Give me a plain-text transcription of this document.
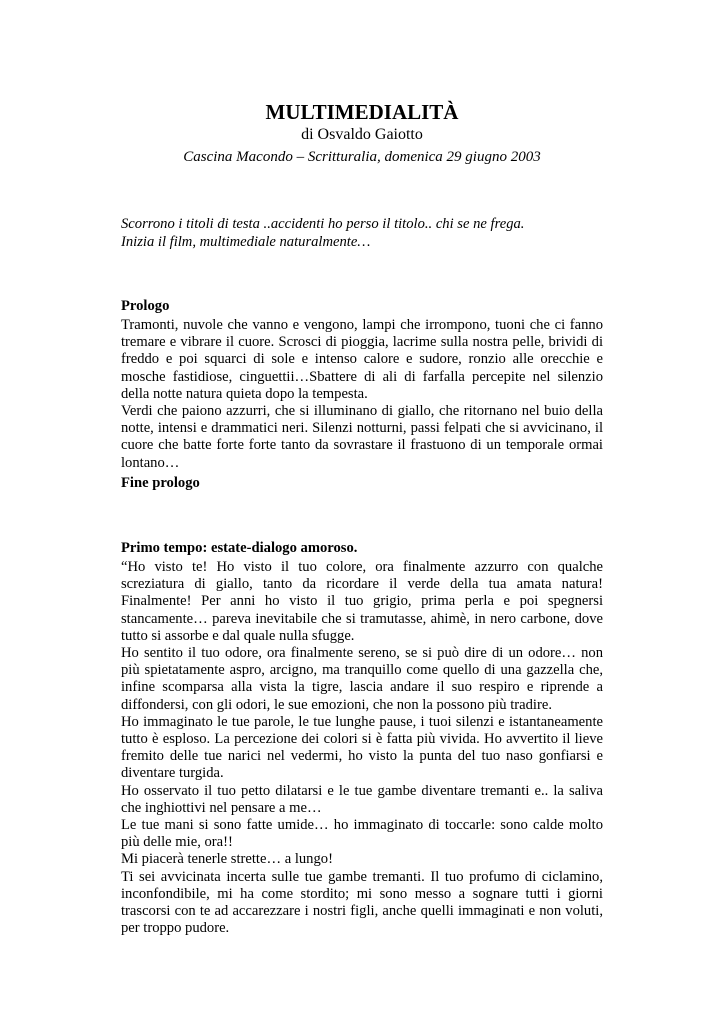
MULTIMEDIALITÀ
di Osvaldo Gaiotto
Cascina Macondo – Scritturalia, domenica 29 giugno 2003
Scorrono i titoli di testa ..accidenti ho perso il titolo.. chi se ne frega.
Inizia il film, multimediale naturalmente…

Prologo

Tramonti, nuvole che vanno e vengono, lampi che irrompono, tuoni che ci fanno tremare e vibrare il cuore. Scrosci di pioggia, lacrime sulla nostra pelle, brividi di freddo e poi squarci di sole e intenso calore e sudore, ronzio alle orecchie e mosche fastidiose, cinguettii…Sbattere di ali di farfalla percepite nel silenzio della notte natura quieta dopo la tempesta.

Verdi che paiono azzurri, che si illuminano di giallo, che ritornano nel buio della notte, intensi e drammatici neri. Silenzi notturni, passi felpati che si avvicinano, il cuore che batte forte forte tanto da sovrastare il frastuono di un temporale ormai lontano…

Fine prologo

Primo tempo: estate-dialogo amoroso.

“Ho visto te! Ho visto il tuo colore, ora finalmente azzurro con qualche screziatura di giallo, tanto da ricordare il verde della tua amata natura! Finalmente! Per anni ho visto il tuo grigio, prima perla e poi spegnersi stancamente… pareva inevitabile che si tramutasse, ahimè, in nero carbone, dove tutto si assorbe e dal quale nulla sfugge.

Ho sentito il tuo odore, ora finalmente sereno, se si può dire di un odore… non più spietatamente aspro, arcigno, ma tranquillo come quello di una gazzella che, infine scomparsa alla vista la tigre, lascia andare il suo respiro e riprende a diffondersi, con gli odori, le sue emozioni, che non la possono più tradire.

Ho immaginato le tue parole, le tue lunghe pause, i tuoi silenzi e istantaneamente tutto è esploso. La percezione dei colori si è fatta più vivida. Ho avvertito il lieve fremito delle tue narici nel vedermi, ho visto la punta del tuo naso gonfiarsi e diventare turgida.

Ho osservato il tuo petto dilatarsi e le tue gambe diventare tremanti e.. la saliva che inghiottivi nel pensare a me…

Le tue mani si sono fatte umide… ho immaginato di toccarle: sono calde molto più delle mie, ora!!

Mi piacerà tenerle strette… a lungo!

Ti sei avvicinata incerta sulle tue gambe tremanti. Il tuo profumo di ciclamino, inconfondibile, mi ha come stordito; mi sono messo a sognare tutti i giorni trascorsi con te ad accarezzare i nostri figli, anche quelli immaginati e non voluti, per troppo pudore.
